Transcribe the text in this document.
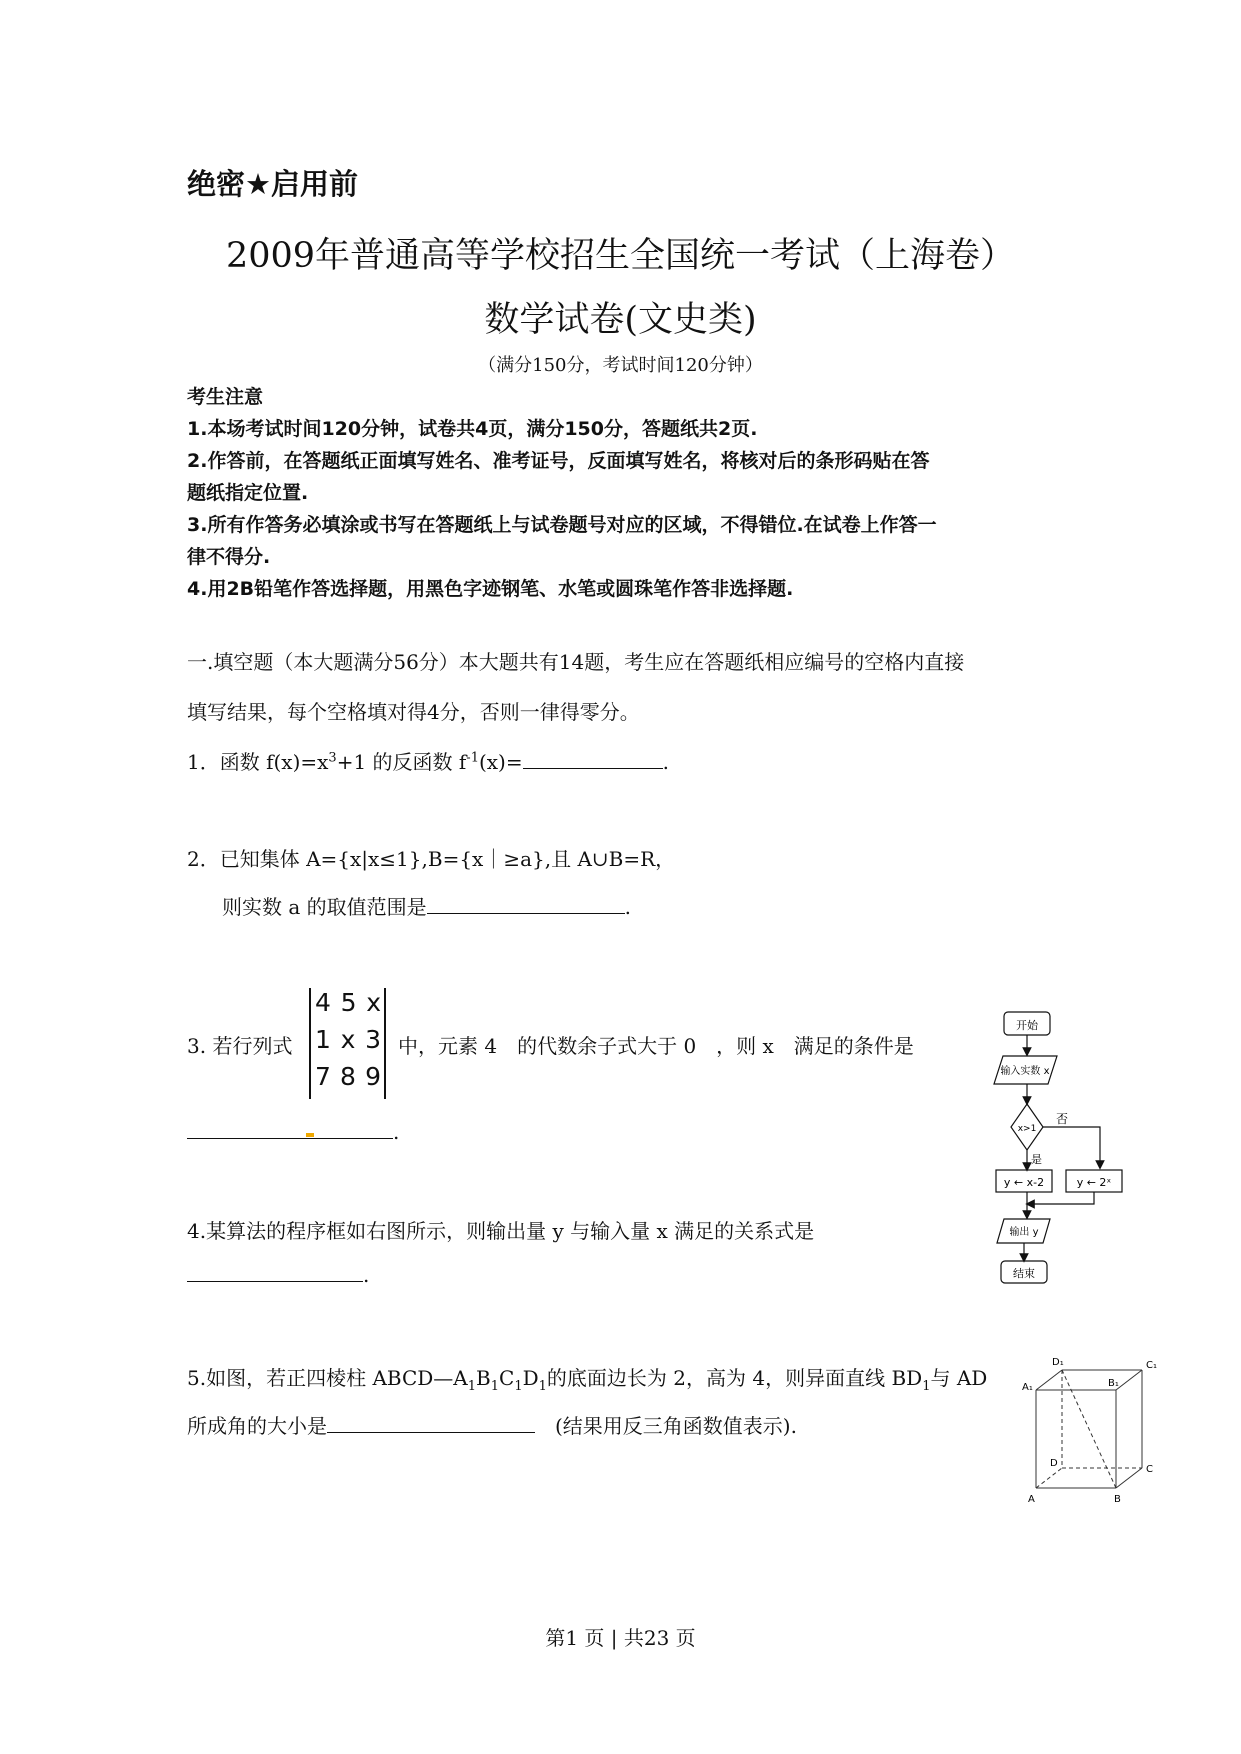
绝密★启用前
2009年普通高等学校招生全国统一考试（上海卷）
数学试卷(文史类)
（满分150分，考试时间120分钟）
考生注意
1.本场考试时间120分钟，试卷共4页，满分150分，答题纸共2页.
2.作答前，在答题纸正面填写姓名、准考证号，反面填写姓名，将核对后的条形码贴在答
题纸指定位置.
3.所有作答务必填涂或书写在答题纸上与试卷题号对应的区域，不得错位.在试卷上作答一
律不得分.
4.用2B铅笔作答选择题，用黑色字迹钢笔、水笔或圆珠笔作答非选择题.
一.填空题（本大题满分56分）本大题共有14题，考生应在答题纸相应编号的空格内直接
填写结果，每个空格填对得4分，否则一律得零分。
1．函数 $f(x)=x^3+1$ 的反函数 $f^{-1}(x)=$	.
2．已知集体 A={x|x≤1},B={x｜≥a},且 A∪B=R，
则实数 a 的取值范围是	.
3. 若行列式
4 5 x
1 x 3
7 8 9
中，元素 4　的代数余子式大于 0　，则 x　满足的条件是
.
4.某算法的程序框如右图所示，则输出量 y 与输入量 x 满足的关系式是
.
开始
输入实数 x
x>1
否
是
y ← x-2	y ← 2ˣ
输出 y
结束
5.如图，若正四棱柱 $ABCD—A_1B_1C_1D_1$的底面边长为 2，高为 4，则异面直线 $BD_1$与 AD
所成角的大小是	(结果用反三角函数值表示).
D₁	C₁
A₁	B₁
D
C
A	B
第1 页 | 共23 页
